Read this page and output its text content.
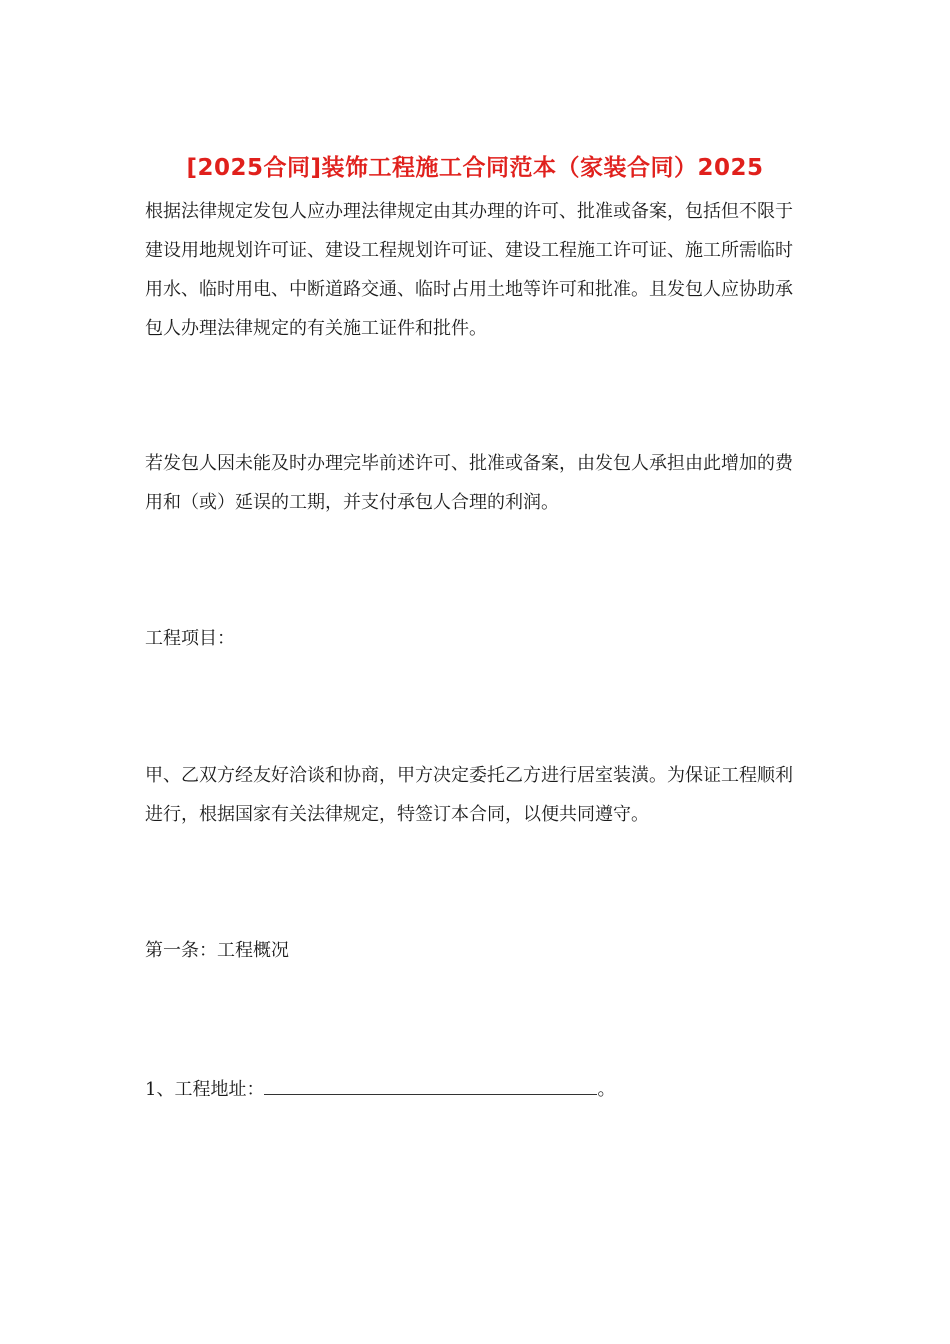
[2025合同]装饰工程施工合同范本（家装合同）2025

根据法律规定发包人应办理法律规定由其办理的许可、批准或备案，包括但不限于建设用地规划许可证、建设工程规划许可证、建设工程施工许可证、施工所需临时用水、临时用电、中断道路交通、临时占用土地等许可和批准。且发包人应协助承包人办理法律规定的有关施工证件和批件。

若发包人因未能及时办理完毕前述许可、批准或备案，由发包人承担由此增加的费用和（或）延误的工期，并支付承包人合理的利润。

工程项目：

甲、乙双方经友好洽谈和协商，甲方决定委托乙方进行居室装潢。为保证工程顺利进行，根据国家有关法律规定，特签订本合同，以便共同遵守。

第一条：工程概况

1、工程地址：	。
